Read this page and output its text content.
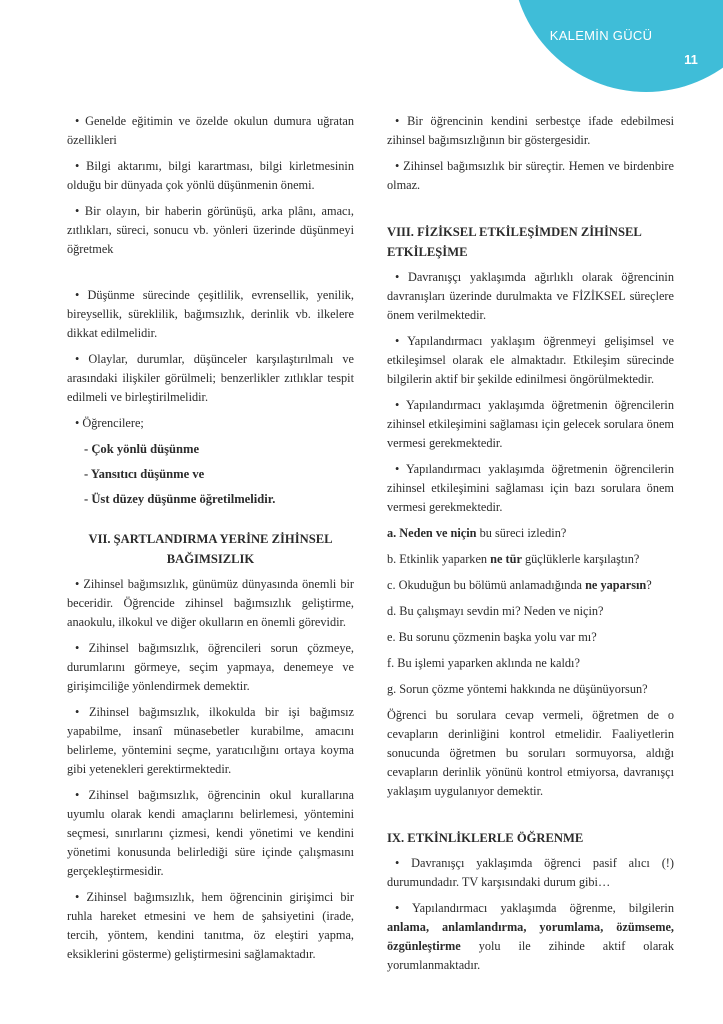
KALEMİN GÜCÜ
11

• Genelde eğitimin ve özelde okulun dumura uğratan özellikleri

• Bilgi aktarımı, bilgi karartması, bilgi kirletmesinin olduğu bir dünyada çok yönlü düşünmenin önemi.

• Bir olayın, bir haberin görünüşü, arka plânı, amacı, zıtlıkları, süreci, sonucu vb. yönleri üzerinde düşünmeyi öğretmek

• Düşünme sürecinde çeşitlilik, evrensellik, yenilik, bireysellik, süreklilik, bağımsızlık, derinlik vb. ilkelere dikkat edilmelidir.

• Olaylar, durumlar, düşünceler karşılaştırılmalı ve arasındaki ilişkiler görülmeli; benzerlikler zıtlıklar tespit edilmeli ve birleştirilmelidir.

• Öğrencilere;

- Çok yönlü düşünme

- Yansıtıcı düşünme ve

- Üst düzey düşünme öğretilmelidir.

VII. ŞARTLANDIRMA YERİNE ZİHİNSEL BAĞIMSIZLIK

• Zihinsel bağımsızlık, günümüz dünyasında önemli bir beceridir. Öğrencide zihinsel bağımsızlık geliştirme, anaokulu, ilkokul ve diğer okulların en önemli görevidir.

• Zihinsel bağımsızlık, öğrencileri sorun çözmeye, durumlarını görmeye, seçim yapmaya, denemeye ve girişimciliğe yönlendirmek demektir.

• Zihinsel bağımsızlık, ilkokulda bir işi bağımsız yapabilme, insanî münasebetler kurabilme, amacını belirleme, yöntemini seçme, yaratıcılığını ortaya koyma gibi yetenekleri gerektirmektedir.

• Zihinsel bağımsızlık, öğrencinin okul kurallarına uyumlu olarak kendi amaçlarını belirlemesi, yöntemini seçmesi, sınırlarını çizmesi, kendi yönetimi ve kendini yönetimi konusunda belirlediği süre içinde çalışmasını gerçekleştirmesidir.

• Zihinsel bağımsızlık, hem öğrencinin girişimci bir ruhla hareket etmesini ve hem de şahsiyetini (irade, tercih, yöntem, kendini tanıtma, öz eleştiri yapma, eksiklerini gösterme) geliştirmesini sağlamaktadır.

• Bir öğrencinin kendini serbestçe ifade edebilmesi zihinsel bağımsızlığının bir göstergesidir.

• Zihinsel bağımsızlık bir süreçtir. Hemen ve birdenbire olmaz.

VIII. FİZİKSEL ETKİLEŞİMDEN ZİHİNSEL ETKİLEŞİME

• Davranışçı yaklaşımda ağırlıklı olarak öğrencinin davranışları üzerinde durulmakta ve FİZİKSEL süreçlere önem verilmektedir.

• Yapılandırmacı yaklaşım öğrenmeyi gelişimsel ve etkileşimsel olarak ele almaktadır. Etkileşim sürecinde bilgilerin aktif bir şekilde edinilmesi öngörülmektedir.

• Yapılandırmacı yaklaşımda öğretmenin öğrencilerin zihinsel etkileşimini sağlaması için gelecek sorulara önem vermesi gerekmektedir.

• Yapılandırmacı yaklaşımda öğretmenin öğrencilerin zihinsel etkileşimini sağlaması için bazı sorulara önem vermesi gerekmektedir.

a. Neden ve niçin bu süreci izledin?

b. Etkinlik yaparken ne tür güçlüklerle karşılaştın?

c. Okuduğun bu bölümü anlamadığında ne yaparsın?

d. Bu çalışmayı sevdin mi? Neden ve niçin?

e. Bu sorunu çözmenin başka yolu var mı?

f. Bu işlemi yaparken aklında ne kaldı?

g. Sorun çözme yöntemi hakkında ne düşünüyorsun?

Öğrenci bu sorulara cevap vermeli, öğretmen de o cevapların derinliğini kontrol etmelidir. Faaliyetlerin sonucunda öğretmen bu soruları sormuyorsa, aldığı cevapların derinlik yönünü kontrol etmiyorsa, davranışçı yaklaşım uygulanıyor demektir.

IX. ETKİNLİKLERLE ÖĞRENME

• Davranışçı yaklaşımda öğrenci pasif alıcı (!) durumundadır. TV karşısındaki durum gibi…

• Yapılandırmacı yaklaşımda öğrenme, bilgilerin anlama, anlamlandırma, yorumlama, özümseme, özgünleştirme yolu ile zihinde aktif olarak yorumlanmaktadır.
